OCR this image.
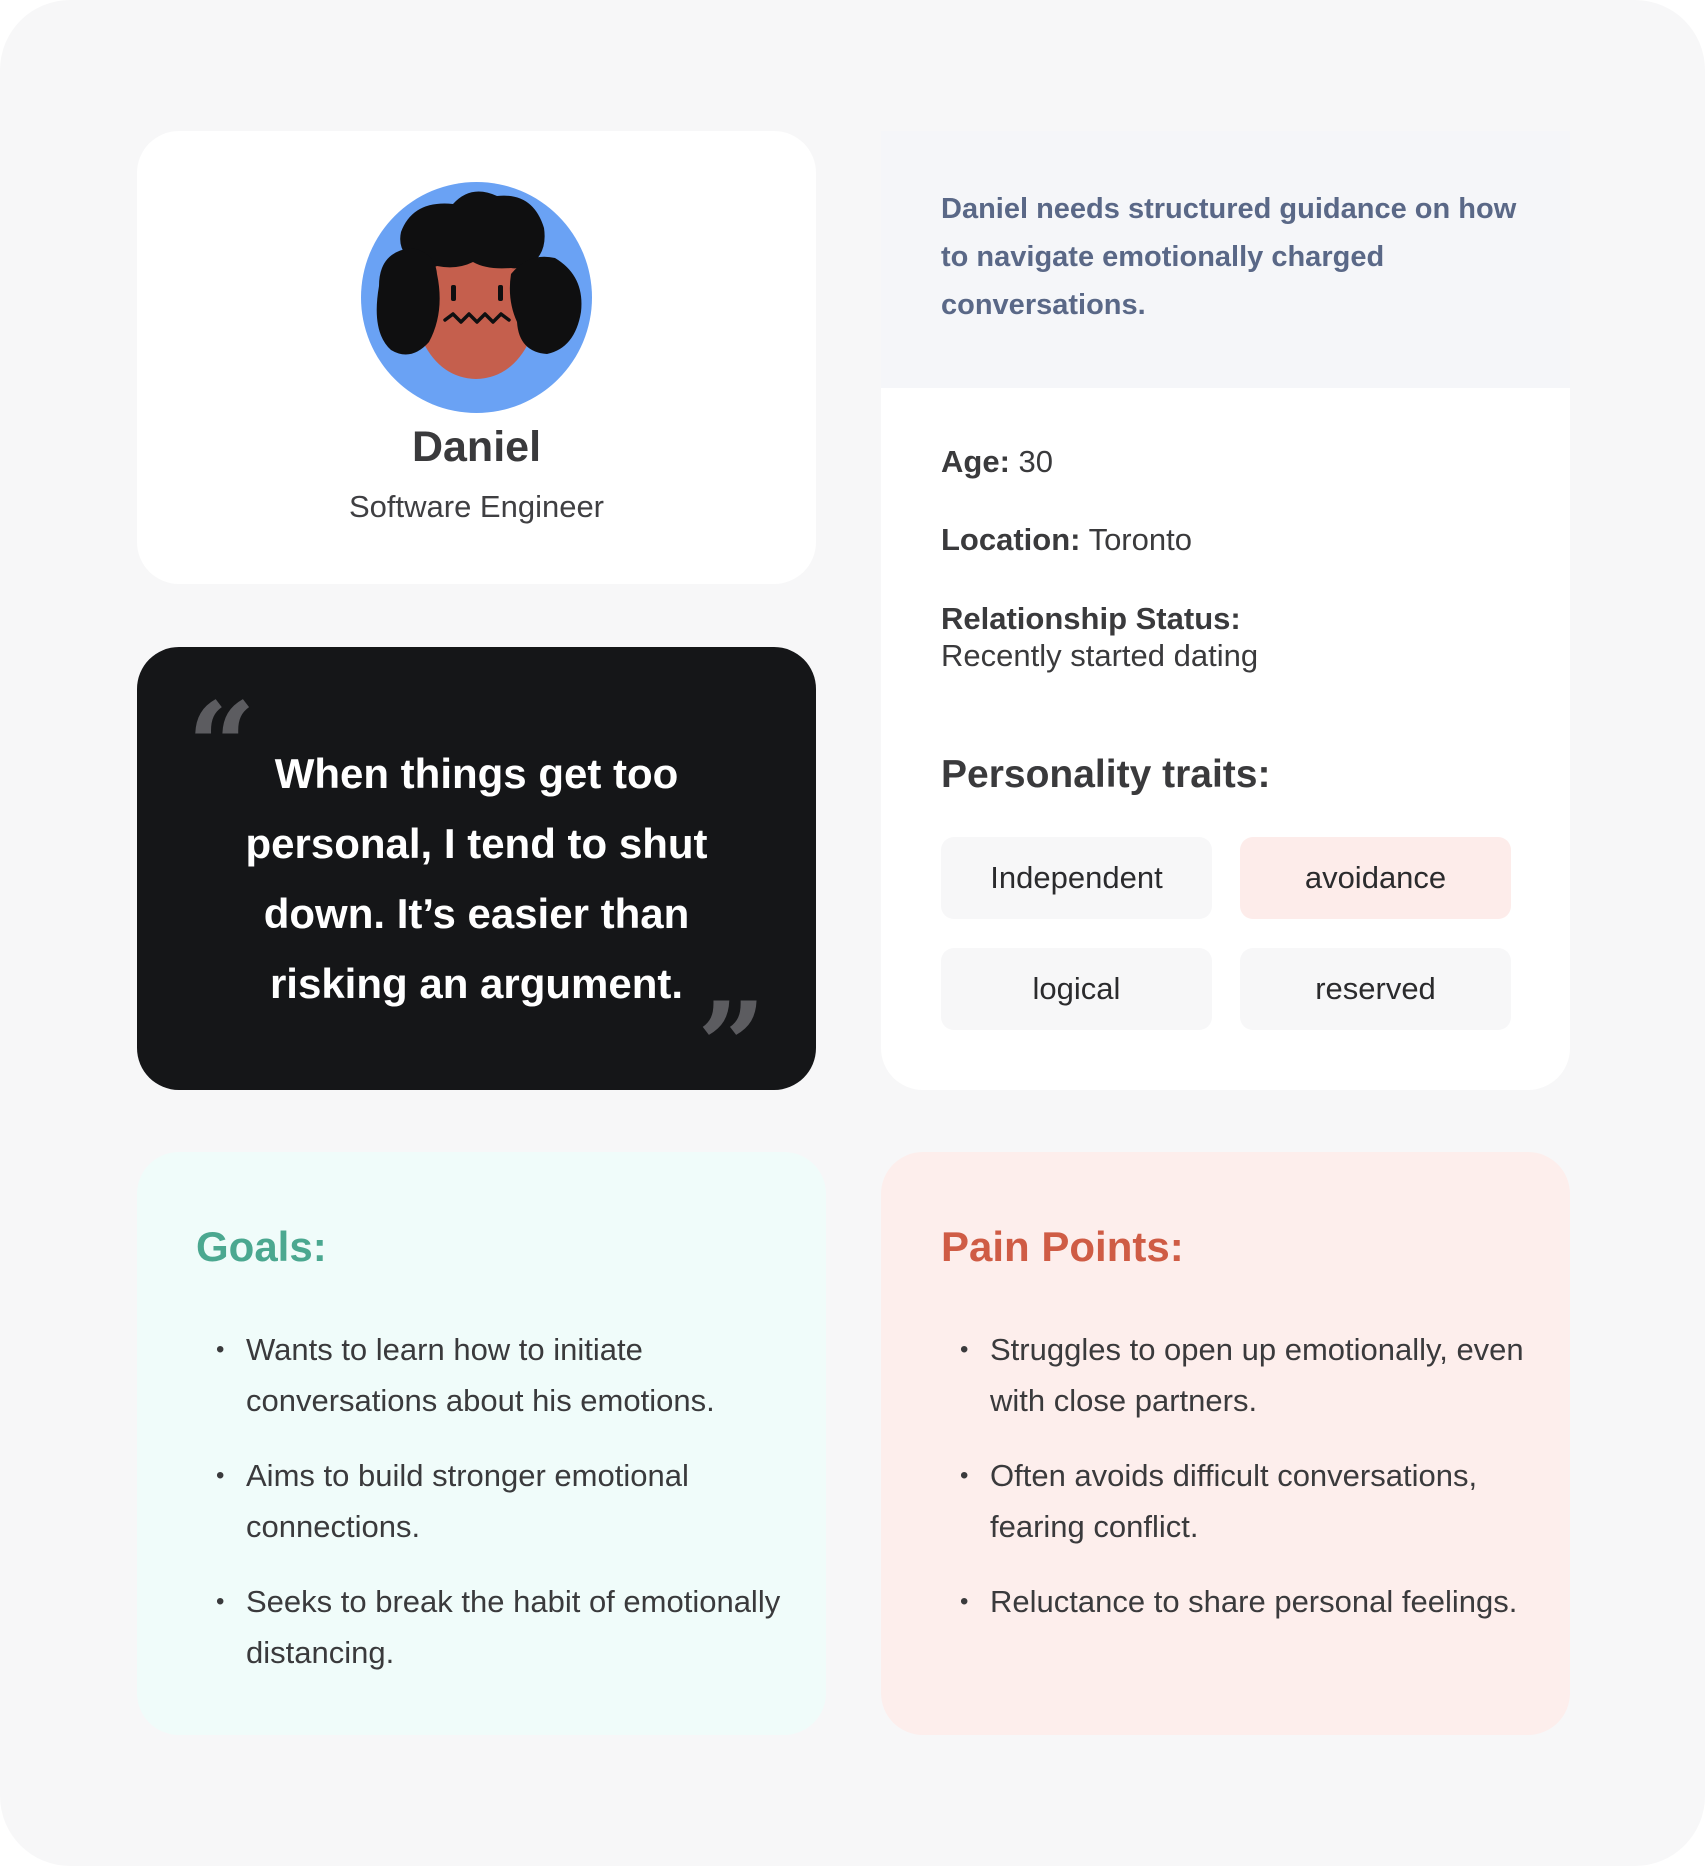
Daniel
Software Engineer

Daniel needs structured guidance on how to navigate emotionally charged conversations.

Age: 30

Location: Toronto

Relationship Status:

Recently started dating

Personality traits:

Independent	avoidance
logical	reserved
“ When things get too personal, I tend to shut down. It’s easier than risking an argument. ”

Goals:

• Wants to learn how to initiate conversations about his emotions.
• Aims to build stronger emotional connections.
• Seeks to break the habit of emotionally distancing.

Pain Points:

• Struggles to open up emotionally, even with close partners.
• Often avoids difficult conversations, fearing conflict.
• Reluctance to share personal feelings.
